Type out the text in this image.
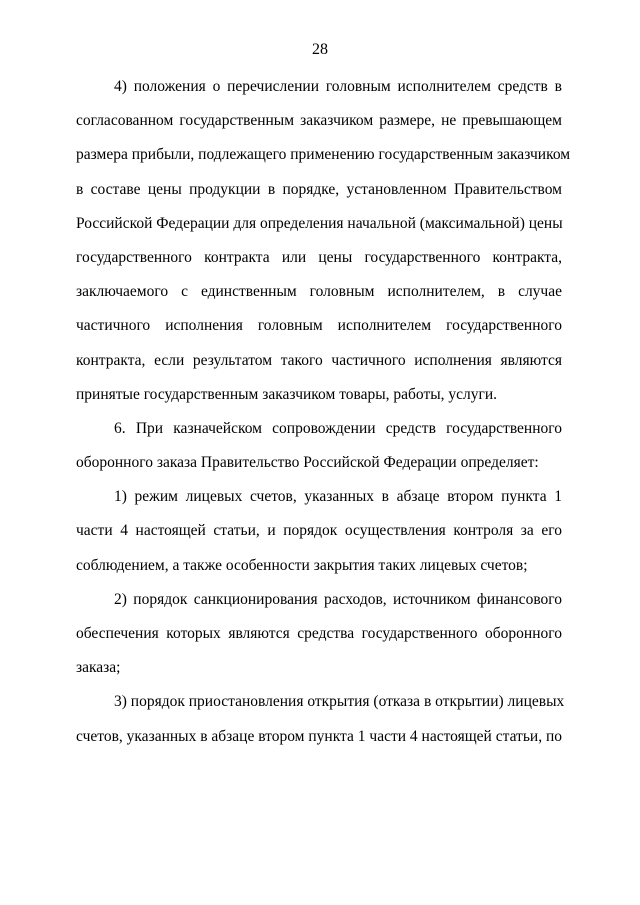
28

4) положения о перечислении головным исполнителем средств в
согласованном государственным заказчиком размере, не превышающем
размера прибыли, подлежащего применению государственным заказчиком
в составе цены продукции в порядке, установленном Правительством
Российской Федерации для определения начальной (максимальной) цены
государственного контракта или цены государственного контракта,
заключаемого с единственным головным исполнителем, в случае
частичного исполнения головным исполнителем государственного
контракта, если результатом такого частичного исполнения являются
принятые государственным заказчиком товары, работы, услуги.

6. При казначейском сопровождении средств государственного
оборонного заказа Правительство Российской Федерации определяет:

1) режим лицевых счетов, указанных в абзаце втором пункта 1
части 4 настоящей статьи, и порядок осуществления контроля за его
соблюдением, а также особенности закрытия таких лицевых счетов;

2) порядок санкционирования расходов, источником финансового
обеспечения которых являются средства государственного оборонного
заказа;

3) порядок приостановления открытия (отказа в открытии) лицевых
счетов, указанных в абзаце втором пункта 1 части 4 настоящей статьи, по
